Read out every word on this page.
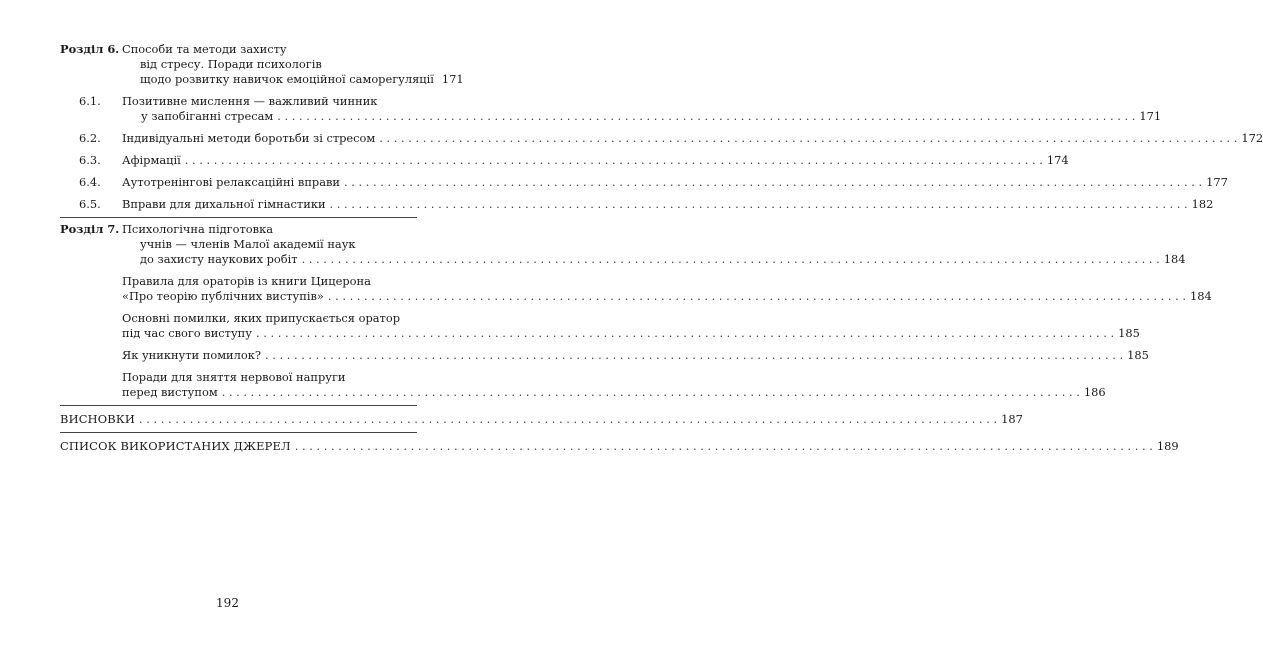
Розділ 6. Способи та методи захисту
від стресу. Поради психологів
щодо розвитку навичок емоційної саморегуляції 171
6.1.	Позитивне мислення — важливий чинник
у запобіганні стресам . . .	171
6.2.	Індивідуальні методи боротьби зі стресом . . .	172
6.3.	Афірмації . . .	174
6.4.	Аутотренінгові релаксаційні вправи . . .	177
6.5.	Вправи для дихальної гімнастики . . .	182
Розділ 7. Психологічна підготовка
учнів — членів Малої академії наук
до захисту наукових робіт . . .	184
Правила для ораторів із книги Цицерона
«Про теорію публічних виступів» . . .	184
Основні помилки, яких припускається оратор
під час свого виступу . . .	185
Як уникнути помилок? . . .	185
Поради для зняття нервової напруги
перед виступом . . .	186
ВИСНОВКИ . . .	187
СПИСОК ВИКОРИСТАНИХ ДЖЕРЕЛ . . .	189
192
